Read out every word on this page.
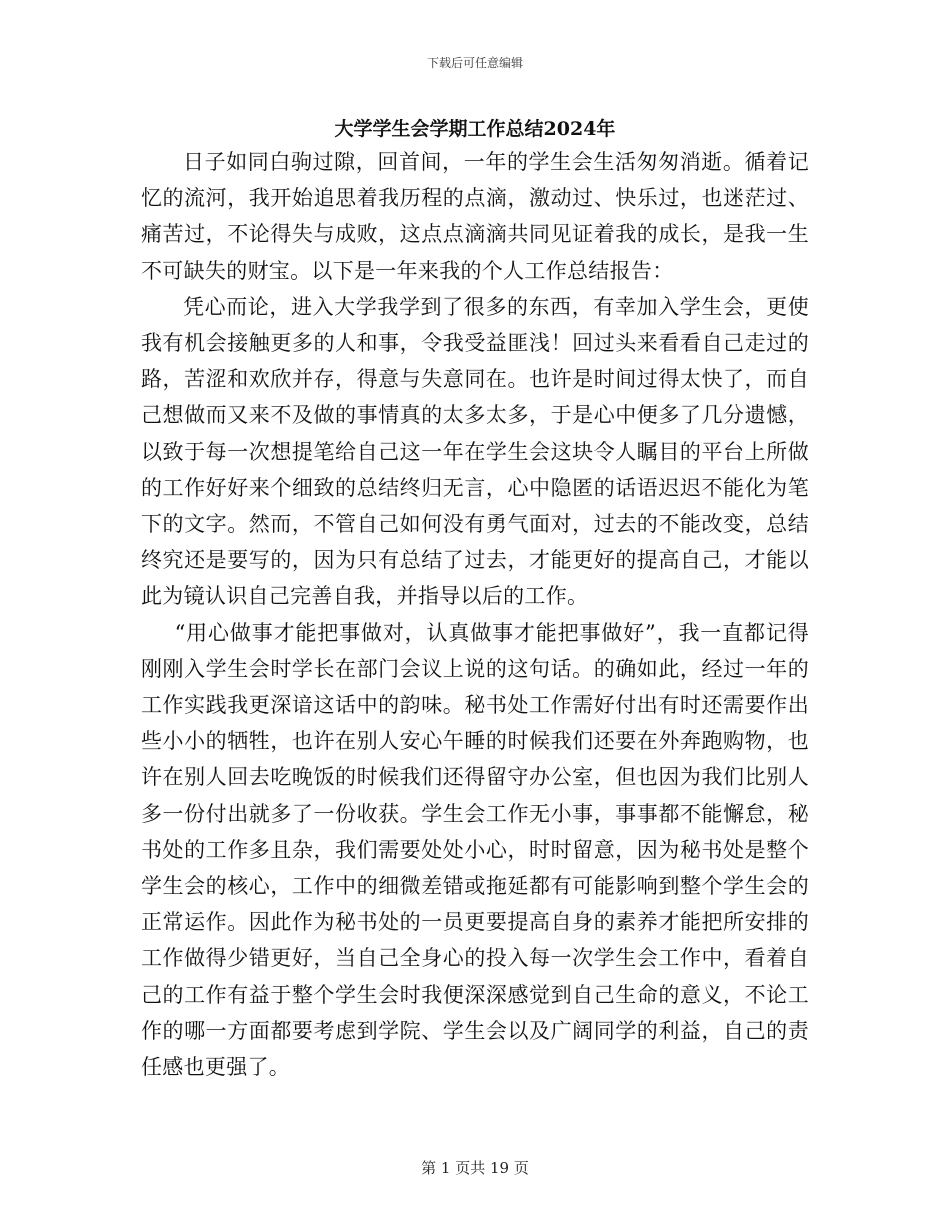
下载后可任意编辑
大学学生会学期工作总结2024年

日子如同白驹过隙，回首间，一年的学生会生活匆匆消逝。循着记忆的流河，我开始追思着我历程的点滴，激动过、快乐过，也迷茫过、痛苦过，不论得失与成败，这点点滴滴共同见证着我的成长，是我一生不可缺失的财宝。以下是一年来我的个人工作总结报告：

凭心而论，进入大学我学到了很多的东西，有幸加入学生会，更使我有机会接触更多的人和事，令我受益匪浅！回过头来看看自己走过的路，苦涩和欢欣并存，得意与失意同在。也许是时间过得太快了，而自己想做而又来不及做的事情真的太多太多，于是心中便多了几分遗憾，以致于每一次想提笔给自己这一年在学生会这块令人瞩目的平台上所做的工作好好来个细致的总结终归无言，心中隐匿的话语迟迟不能化为笔下的文字。然而，不管自己如何没有勇气面对，过去的不能改变，总结终究还是要写的，因为只有总结了过去，才能更好的提高自己，才能以此为镜认识自己完善自我，并指导以后的工作。

“用心做事才能把事做对，认真做事才能把事做好”，我一直都记得刚刚入学生会时学长在部门会议上说的这句话。的确如此，经过一年的工作实践我更深谙这话中的韵味。秘书处工作需好付出有时还需要作出些小小的牺牲，也许在别人安心午睡的时候我们还要在外奔跑购物，也许在别人回去吃晚饭的时候我们还得留守办公室，但也因为我们比别人多一份付出就多了一份收获。学生会工作无小事，事事都不能懈怠，秘书处的工作多且杂，我们需要处处小心，时时留意，因为秘书处是整个学生会的核心，工作中的细微差错或拖延都有可能影响到整个学生会的正常运作。因此作为秘书处的一员更要提高自身的素养才能把所安排的工作做得少错更好，当自己全身心的投入每一次学生会工作中，看着自己的工作有益于整个学生会时我便深深感觉到自己生命的意义，不论工作的哪一方面都要考虑到学院、学生会以及广阔同学的利益，自己的责任感也更强了。

第 1 页共 19 页
